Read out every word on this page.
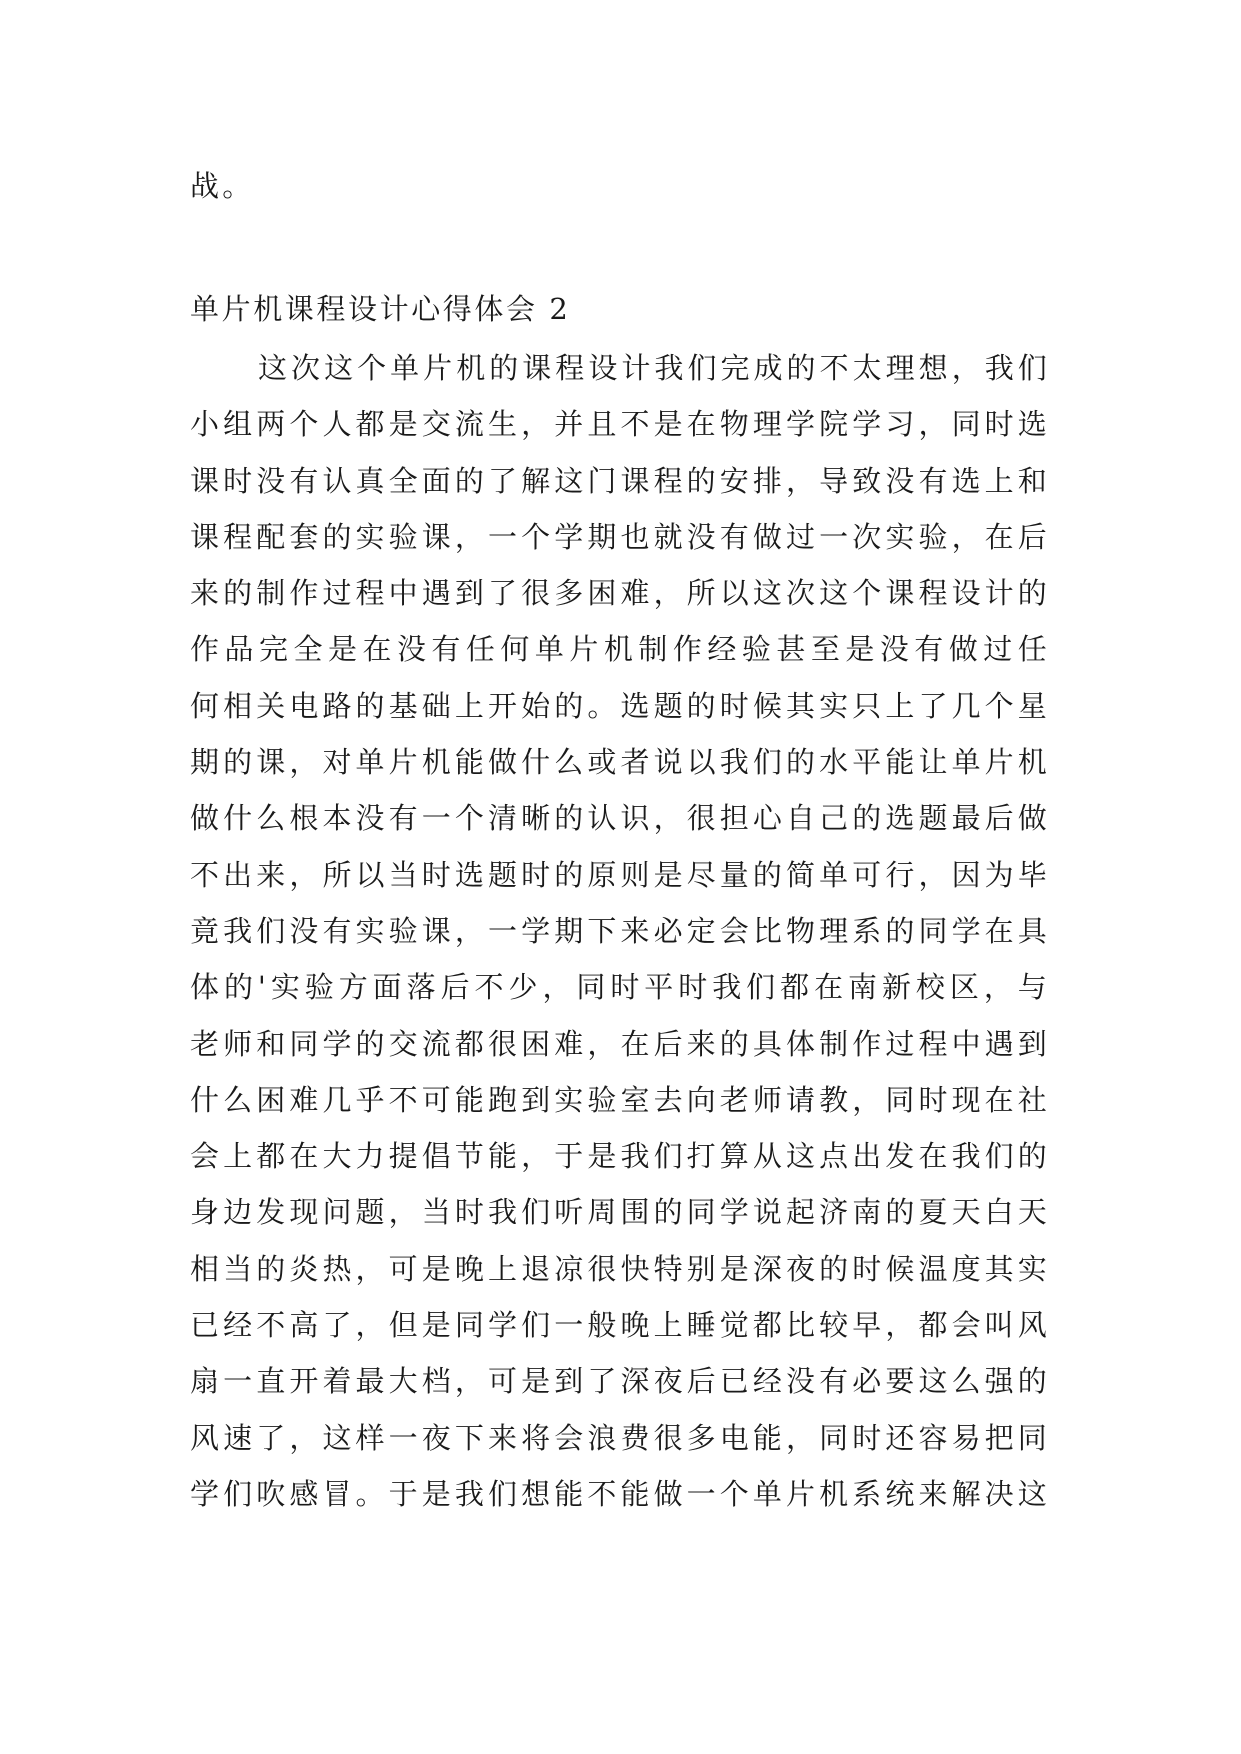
战。
单片机课程设计心得体会 2
这次这个单片机的课程设计我们完成的不太理想，我们
小组两个人都是交流生，并且不是在物理学院学习，同时选
课时没有认真全面的了解这门课程的安排，导致没有选上和
课程配套的实验课，一个学期也就没有做过一次实验，在后
来的制作过程中遇到了很多困难，所以这次这个课程设计的
作品完全是在没有任何单片机制作经验甚至是没有做过任
何相关电路的基础上开始的。选题的时候其实只上了几个星
期的课，对单片机能做什么或者说以我们的水平能让单片机
做什么根本没有一个清晰的认识，很担心自己的选题最后做
不出来，所以当时选题时的原则是尽量的简单可行，因为毕
竟我们没有实验课，一学期下来必定会比物理系的同学在具
体的'实验方面落后不少，同时平时我们都在南新校区，与
老师和同学的交流都很困难，在后来的具体制作过程中遇到
什么困难几乎不可能跑到实验室去向老师请教，同时现在社
会上都在大力提倡节能，于是我们打算从这点出发在我们的
身边发现问题，当时我们听周围的同学说起济南的夏天白天
相当的炎热，可是晚上退凉很快特别是深夜的时候温度其实
已经不高了，但是同学们一般晚上睡觉都比较早，都会叫风
扇一直开着最大档，可是到了深夜后已经没有必要这么强的
风速了，这样一夜下来将会浪费很多电能，同时还容易把同
学们吹感冒。于是我们想能不能做一个单片机系统来解决这
